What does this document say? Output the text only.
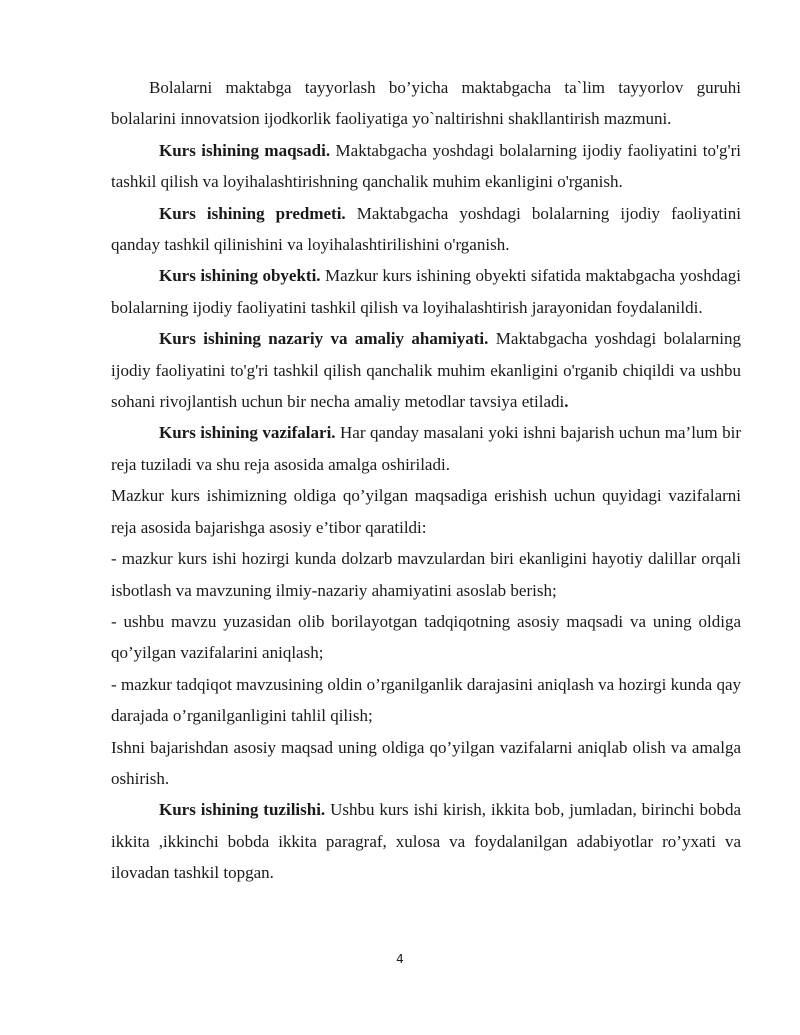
Bolalarni maktabga tayyorlash bo’yicha maktabgacha ta`lim tayyorlov guruhi bolalarini innovatsion ijodkorlik faoliyatiga yo`naltirishni shakllantirish mazmuni.

Kurs ishining maqsadi. Maktabgacha yoshdagi bolalarning ijodiy faoliyatini to'g'ri tashkil qilish va loyihalashtirishning qanchalik muhim ekanligini o'rganish.

Kurs ishining predmeti. Maktabgacha yoshdagi bolalarning ijodiy faoliyatini qanday tashkil qilinishini va loyihalashtirilishini o'rganish.

Kurs ishining obyekti. Mazkur kurs ishining obyekti sifatida maktabgacha yoshdagi bolalarning ijodiy faoliyatini tashkil qilish va loyihalashtirish jarayonidan foydalanildi.

Kurs ishining nazariy va amaliy ahamiyati. Maktabgacha yoshdagi bolalarning ijodiy faoliyatini to'g'ri tashkil qilish qanchalik muhim ekanligini o'rganib chiqildi va ushbu sohani rivojlantish uchun bir necha amaliy metodlar tavsiya etiladi.

Kurs ishining vazifalari. Har qanday masalani yoki ishni bajarish uchun ma’lum bir reja tuziladi va shu reja asosida amalga oshiriladi.

Mazkur kurs ishimizning oldiga qo’yilgan maqsadiga erishish uchun quyidagi vazifalarni reja asosida bajarishga asosiy e’tibor qaratildi:

- mazkur kurs ishi hozirgi kunda dolzarb mavzulardan biri ekanligini hayotiy dalillar orqali isbotlash va mavzuning ilmiy-nazariy ahamiyatini asoslab berish;

- ushbu mavzu yuzasidan olib borilayotgan tadqiqotning asosiy maqsadi va uning oldiga qo’yilgan vazifalarini aniqlash;

- mazkur tadqiqot mavzusining oldin o’rganilganlik darajasini aniqlash va hozirgi kunda qay darajada o’rganilganligini tahlil qilish;

Ishni bajarishdan asosiy maqsad uning oldiga qo’yilgan vazifalarni aniqlab olish va amalga oshirish.

Kurs ishining tuzilishi. Ushbu kurs ishi kirish, ikkita bob, jumladan, birinchi bobda ikkita ,ikkinchi bobda ikkita paragraf, xulosa va foydalanilgan adabiyotlar ro’yxati va ilovadan tashkil topgan.

4
